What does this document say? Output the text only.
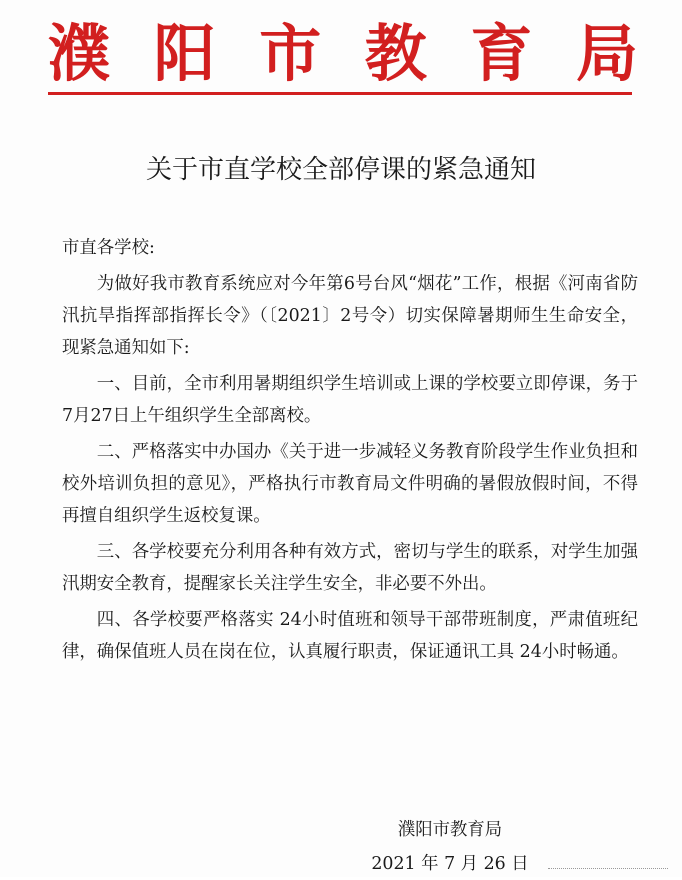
濮 阳 市 教 育 局
关于市直学校全部停课的紧急通知

市直各学校:

为做好我市教育系统应对今年第6号台风“烟花”工作，根据《河南省防汛抗旱指挥部指挥长令》（〔2021〕2号令）切实保障暑期师生生命安全，现紧急通知如下:

一、目前，全市利用暑期组织学生培训或上课的学校要立即停课，务于7月27日上午组织学生全部离校。

二、严格落实中办国办《关于进一步减轻义务教育阶段学生作业负担和校外培训负担的意见》，严格执行市教育局文件明确的暑假放假时间，不得再擅自组织学生返校复课。

三、各学校要充分利用各种有效方式，密切与学生的联系，对学生加强汛期安全教育，提醒家长关注学生安全，非必要不外出。

四、各学校要严格落实 24小时值班和领导干部带班制度，严肃值班纪律，确保值班人员在岗在位，认真履行职责，保证通讯工具 24小时畅通。

濮阳市教育局
2021 年 7 月 26 日
